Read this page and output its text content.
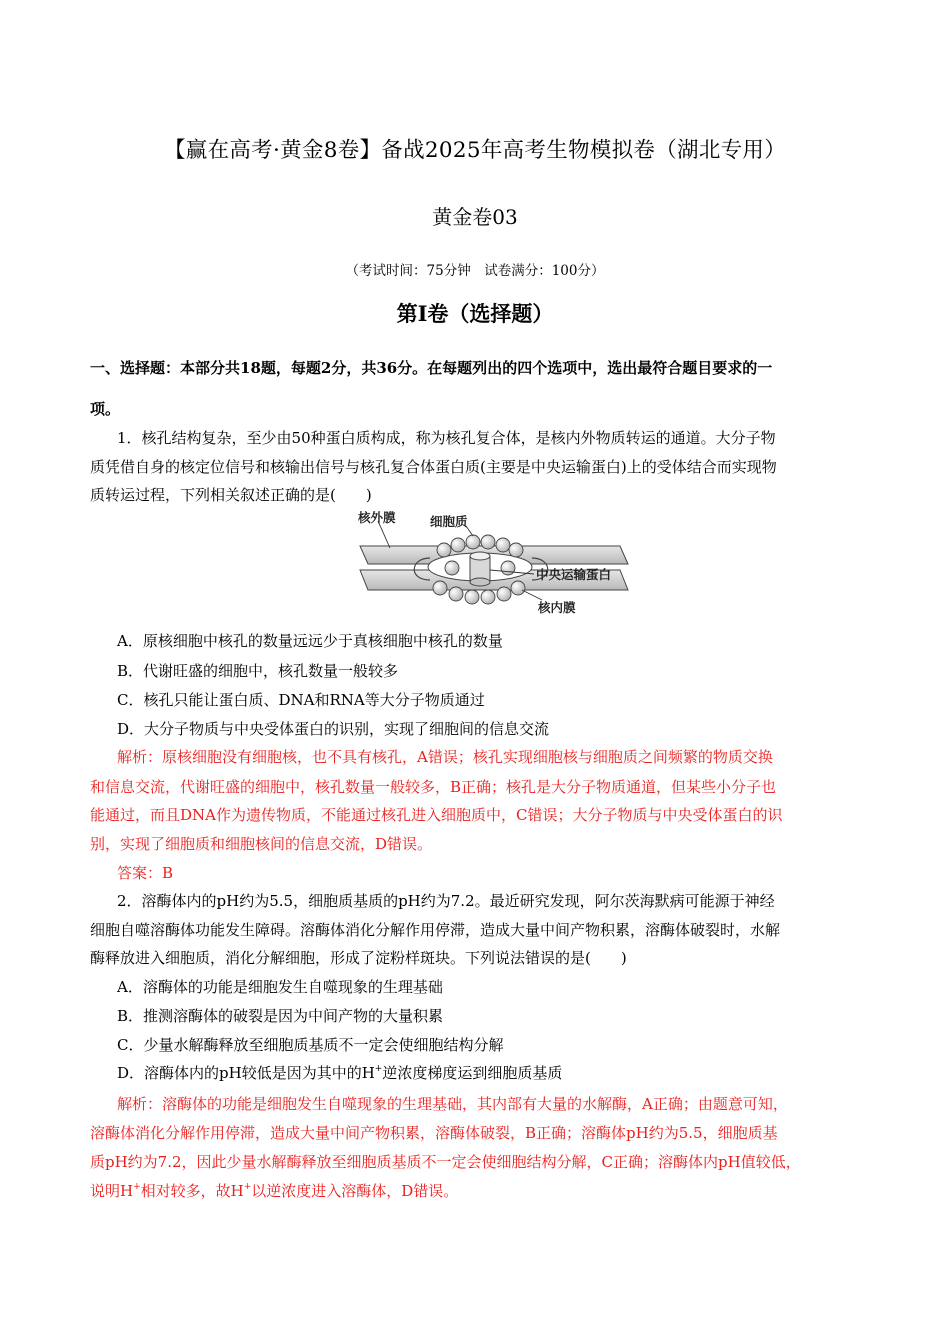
【赢在高考·黄金8卷】备战2025年高考生物模拟卷（湖北专用）
黄金卷03
（考试时间：75分钟　试卷满分：100分）
第I卷（选择题）
一、选择题：本部分共18题，每题2分，共36分。在每题列出的四个选项中，选出最符合题目要求的一
项。
1．核孔结构复杂，至少由50种蛋白质构成，称为核孔复合体，是核内外物质转运的通道。大分子物
质凭借自身的核定位信号和核输出信号与核孔复合体蛋白质(主要是中央运输蛋白)上的受体结合而实现物
质转运过程，下列相关叙述正确的是(　　)
核外膜	细胞质
中央运输蛋白
核内膜
A．原核细胞中核孔的数量远远少于真核细胞中核孔的数量
B．代谢旺盛的细胞中，核孔数量一般较多
C．核孔只能让蛋白质、DNA和RNA等大分子物质通过
D．大分子物质与中央受体蛋白的识别，实现了细胞间的信息交流
解析：原核细胞没有细胞核，也不具有核孔，A错误；核孔实现细胞核与细胞质之间频繁的物质交换
和信息交流，代谢旺盛的细胞中，核孔数量一般较多，B正确；核孔是大分子物质通道，但某些小分子也
能通过，而且DNA作为遗传物质，不能通过核孔进入细胞质中，C错误；大分子物质与中央受体蛋白的识
别，实现了细胞质和细胞核间的信息交流，D错误。
答案：B
2．溶酶体内的pH约为5.5，细胞质基质的pH约为7.2。最近研究发现，阿尔茨海默病可能源于神经
细胞自噬溶酶体功能发生障碍。溶酶体消化分解作用停滞，造成大量中间产物积累，溶酶体破裂时，水解
酶释放进入细胞质，消化分解细胞，形成了淀粉样斑块。下列说法错误的是(　　)
A．溶酶体的功能是细胞发生自噬现象的生理基础
B．推测溶酶体的破裂是因为中间产物的大量积累
C．少量水解酶释放至细胞质基质不一定会使细胞结构分解
D．溶酶体内的pH较低是因为其中的H+逆浓度梯度运到细胞质基质
解析：溶酶体的功能是细胞发生自噬现象的生理基础，其内部有大量的水解酶，A正确；由题意可知，
溶酶体消化分解作用停滞，造成大量中间产物积累，溶酶体破裂，B正确；溶酶体pH约为5.5，细胞质基
质pH约为7.2，因此少量水解酶释放至细胞质基质不一定会使细胞结构分解，C正确；溶酶体内pH值较低，
说明H+相对较多，故H+以逆浓度进入溶酶体，D错误。
